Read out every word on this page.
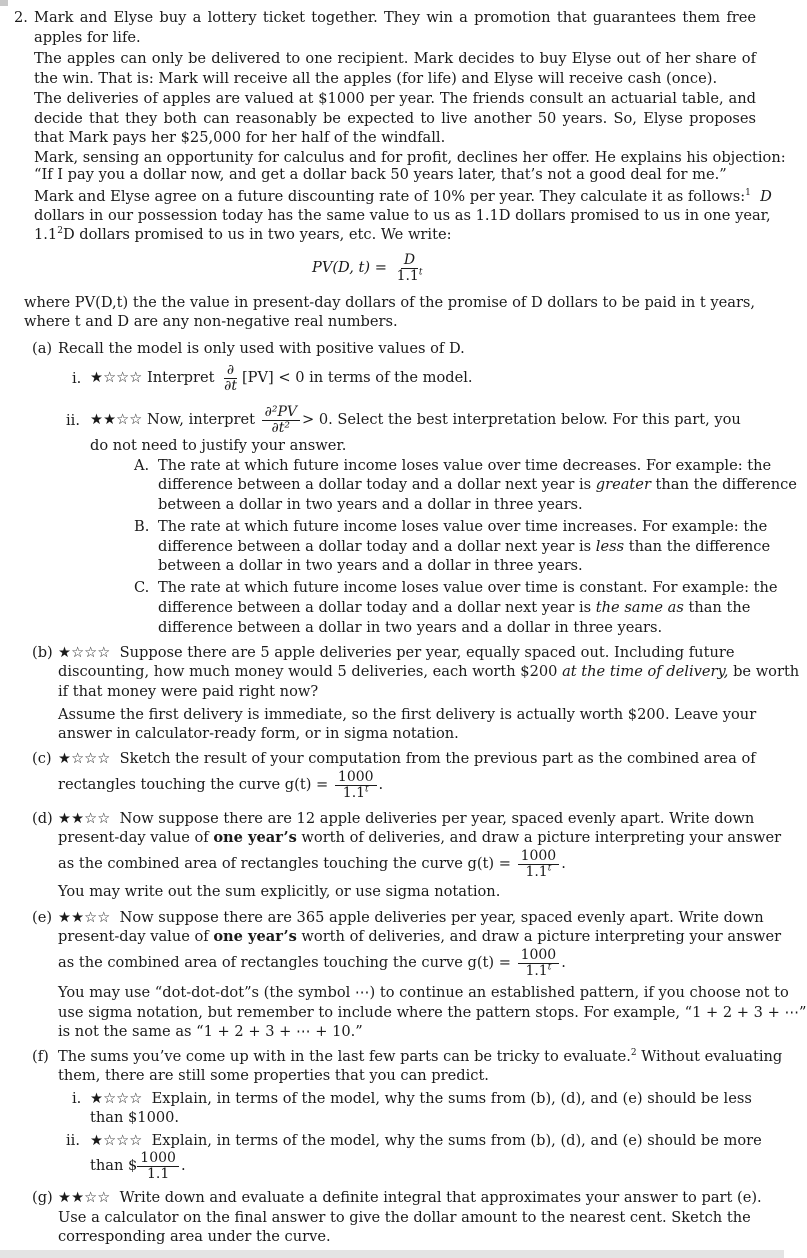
2. Mark and Elyse buy a lottery ticket together. They win a promotion that guarantees them free apples for life.
The apples can only be delivered to one recipient. Mark decides to buy Elyse out of her share of the win. That is: Mark will receive all the apples (for life) and Elyse will receive cash (once).
The deliveries of apples are valued at $1000 per year. The friends consult an actuarial table, and decide that they both can reasonably be expected to live another 50 years. So, Elyse proposes that Mark pays her $25,000 for her half of the windfall.
Mark, sensing an opportunity for calculus and for profit, declines her offer. He explains his objection:
“If I pay you a dollar now, and get a dollar back 50 years later, that’s not a good deal for me.”
Mark and Elyse agree on a future discounting rate of 10% per year. They calculate it as follows:$^1$ D
dollars in our possession today has the same value to us as 1.1D dollars promised to us in one year,
$1.1^2D$ dollars promised to us in two years, etc. We write:
PV(D, $t) = \frac{D}{1.1^t}$
where PV(D,t) the the value in present-day dollars of the promise of D dollars to be paid in t years,
where t and D are any non-negative real numbers.
(a) Recall the model is only used with positive values of D.
i. ★☆☆☆ Interpret $\frac{\partial}{\partial t} [PV] < 0$ in terms of the model.
ii. ★★☆☆ Now, interpret $\frac{\text{∂²PV}}{\text{∂t²}} > 0$. Select the best interpretation below. For this part, you
do not need to justify your answer.
A. The rate at which future income loses value over time decreases. For example: the
difference between a dollar today and a dollar next year is greater than the difference
between a dollar in two years and a dollar in three years.
B. The rate at which future income loses value over time increases. For example: the
difference between a dollar today and a dollar next year is less than the difference
between a dollar in two years and a dollar in three years.
C. The rate at which future income loses value over time is constant. For example: the
difference between a dollar today and a dollar next year is the same as than the
difference between a dollar in two years and a dollar in three years.
(b) ★☆☆☆ Suppose there are 5 apple deliveries per year, equally spaced out. Including future
discounting, how much money would 5 deliveries, each worth $200 at the time of delivery, be worth
if that money were paid right now?
Assume the first delivery is immediate, so the first delivery is actually worth $200. Leave your
answer in calculator-ready form, or in sigma notation.
(c) ★☆☆☆ Sketch the result of your computation from the previous part as the combined area of
rectangles touching the curve $g(t) = \frac{1000}{1.1^t}$ .
(d) ★★☆☆ Now suppose there are 12 apple deliveries per year, spaced evenly apart. Write down
present-day value of one year’s worth of deliveries, and draw a picture interpreting your answer
as the combined area of rectangles touching the curve $g(t) = \frac{1000}{1.1^t}$ .
You may write out the sum explicitly, or use sigma notation.
(e) ★★☆☆ Now suppose there are 365 apple deliveries per year, spaced evenly apart. Write down
present-day value of one year’s worth of deliveries, and draw a picture interpreting your answer
as the combined area of rectangles touching the curve $g(t) = \frac{1000}{1.1^t}$ .
You may use “dot-dot-dot”s (the symbol ⋯) to continue an established pattern, if you choose not to
use sigma notation, but remember to include where the pattern stops. For example, “1 + 2 + 3 + ⋯”
is not the same as “1 + 2 + 3 + ⋯ + 10.”
(f) The sums you’ve come up with in the last few parts can be tricky to evaluate.$^2$ Without evaluating
them, there are still some properties that you can predict.
i. ★☆☆☆ Explain, in terms of the model, why the sums from (b), (d), and (e) should be less
than $1000.
ii. ★☆☆☆ Explain, in terms of the model, why the sums from (b), (d), and (e) should be more
than $ $\frac{1000}{1.1}$ .
(g) ★★☆☆ Write down and evaluate a definite integral that approximates your answer to part (e).
Use a calculator on the final answer to give the dollar amount to the nearest cent. Sketch the
corresponding area under the curve.
